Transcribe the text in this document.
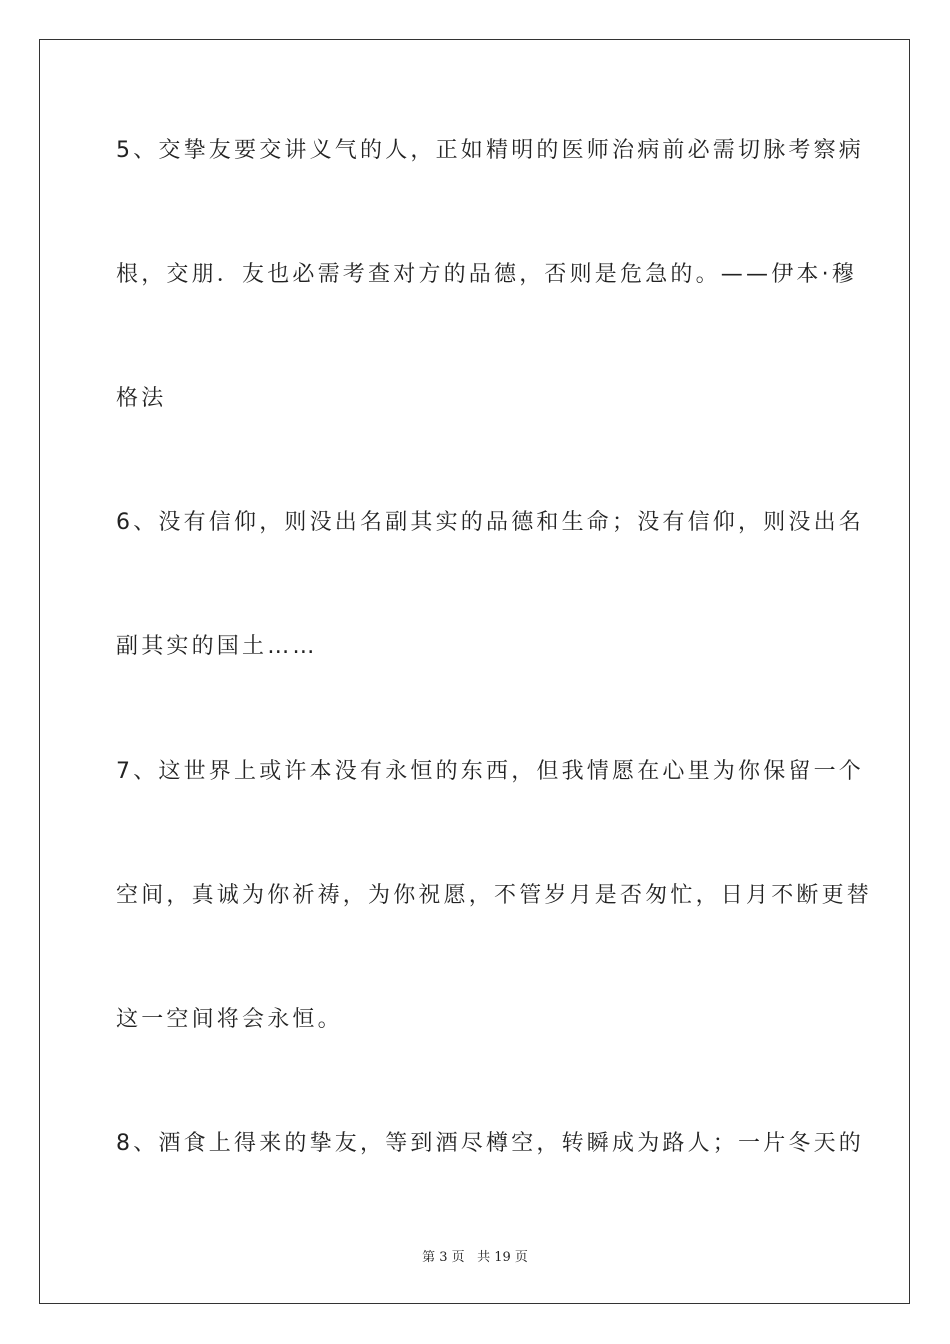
5、交挚友要交讲义气的人，正如精明的医师治病前必需切脉考察病
根，交朋．友也必需考查对方的品德，否则是危急的。——伊本·穆
格法
6、没有信仰，则没出名副其实的品德和生命；没有信仰，则没出名
副其实的国土……
7、这世界上或许本没有永恒的东西，但我情愿在心里为你保留一个
空间，真诚为你祈祷，为你祝愿，不管岁月是否匆忙，日月不断更替
这一空间将会永恒。
8、酒食上得来的挚友，等到酒尽樽空，转瞬成为路人；一片冬天的
第 3 页 共 19 页
